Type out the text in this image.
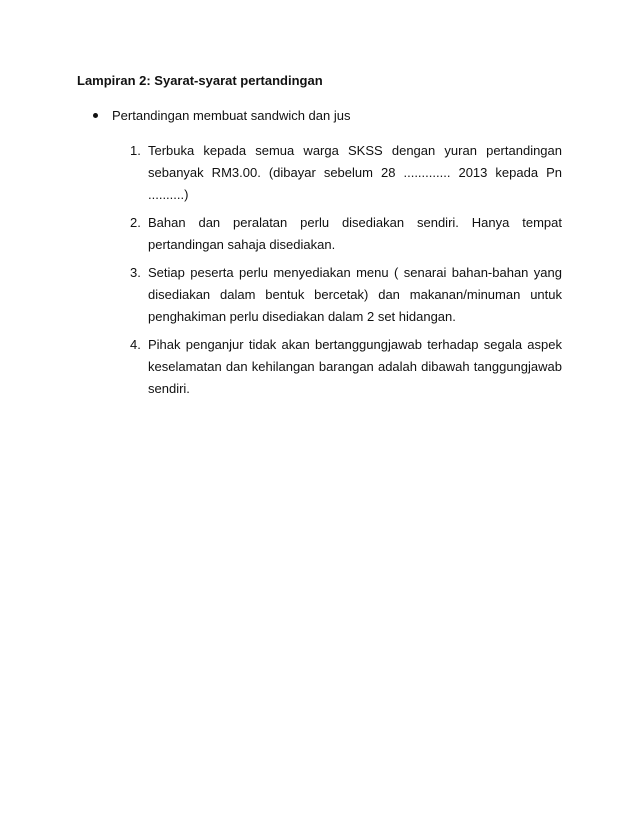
Lampiran 2: Syarat-syarat pertandingan
Pertandingan membuat sandwich dan jus
1. Terbuka kepada semua warga SKSS dengan yuran pertandingan sebanyak RM3.00. (dibayar sebelum 28 ............. 2013 kepada Pn ..........)
2. Bahan dan peralatan perlu disediakan sendiri. Hanya tempat pertandingan sahaja disediakan.
3. Setiap peserta perlu menyediakan menu ( senarai bahan-bahan yang disediakan dalam bentuk bercetak) dan makanan/minuman untuk penghakiman perlu disediakan dalam 2 set hidangan.
4. Pihak penganjur tidak akan bertanggungjawab terhadap segala aspek keselamatan dan kehilangan barangan adalah dibawah tanggungjawab sendiri.
